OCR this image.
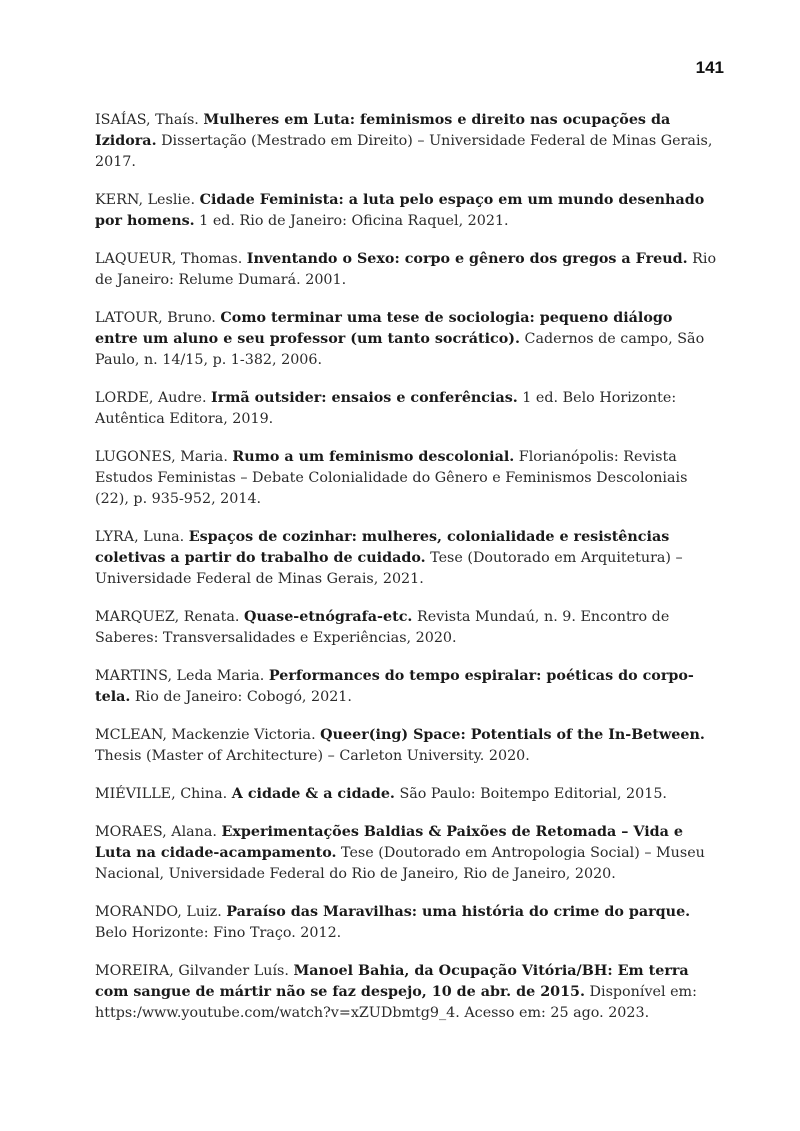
141

ISAÍAS, Thaís. Mulheres em Luta: feminismos e direito nas ocupações da Izidora. Dissertação (Mestrado em Direito) – Universidade Federal de Minas Gerais, 2017.

KERN, Leslie. Cidade Feminista: a luta pelo espaço em um mundo desenhado por homens. 1 ed. Rio de Janeiro: Oficina Raquel, 2021.

LAQUEUR, Thomas. Inventando o Sexo: corpo e gênero dos gregos a Freud. Rio de Janeiro: Relume Dumará. 2001.

LATOUR, Bruno. Como terminar uma tese de sociologia: pequeno diálogo entre um aluno e seu professor (um tanto socrático). Cadernos de campo, São Paulo, n. 14/15, p. 1-382, 2006.

LORDE, Audre. Irmã outsider: ensaios e conferências. 1 ed. Belo Horizonte: Autêntica Editora, 2019.

LUGONES, Maria. Rumo a um feminismo descolonial. Florianópolis: Revista Estudos Feministas – Debate Colonialidade do Gênero e Feminismos Descoloniais (22), p. 935-952, 2014.

LYRA, Luna. Espaços de cozinhar: mulheres, colonialidade e resistências coletivas a partir do trabalho de cuidado. Tese (Doutorado em Arquitetura) – Universidade Federal de Minas Gerais, 2021.

MARQUEZ, Renata. Quase-etnógrafa-etc. Revista Mundaú, n. 9. Encontro de Saberes: Transversalidades e Experiências, 2020.

MARTINS, Leda Maria. Performances do tempo espiralar: poéticas do corpo-tela. Rio de Janeiro: Cobogó, 2021.

MCLEAN, Mackenzie Victoria. Queer(ing) Space: Potentials of the In-Between. Thesis (Master of Architecture) – Carleton University. 2020.

MIÉVILLE, China. A cidade & a cidade. São Paulo: Boitempo Editorial, 2015.

MORAES, Alana. Experimentações Baldias & Paixões de Retomada – Vida e Luta na cidade-acampamento. Tese (Doutorado em Antropologia Social) – Museu Nacional, Universidade Federal do Rio de Janeiro, Rio de Janeiro, 2020.

MORANDO, Luiz. Paraíso das Maravilhas: uma história do crime do parque. Belo Horizonte: Fino Traço. 2012.

MOREIRA, Gilvander Luís. Manoel Bahia, da Ocupação Vitória/BH: Em terra com sangue de mártir não se faz despejo, 10 de abr. de 2015. Disponível em: https:/www.youtube.com/watch?v=xZUDbmtg9_4. Acesso em: 25 ago. 2023.
